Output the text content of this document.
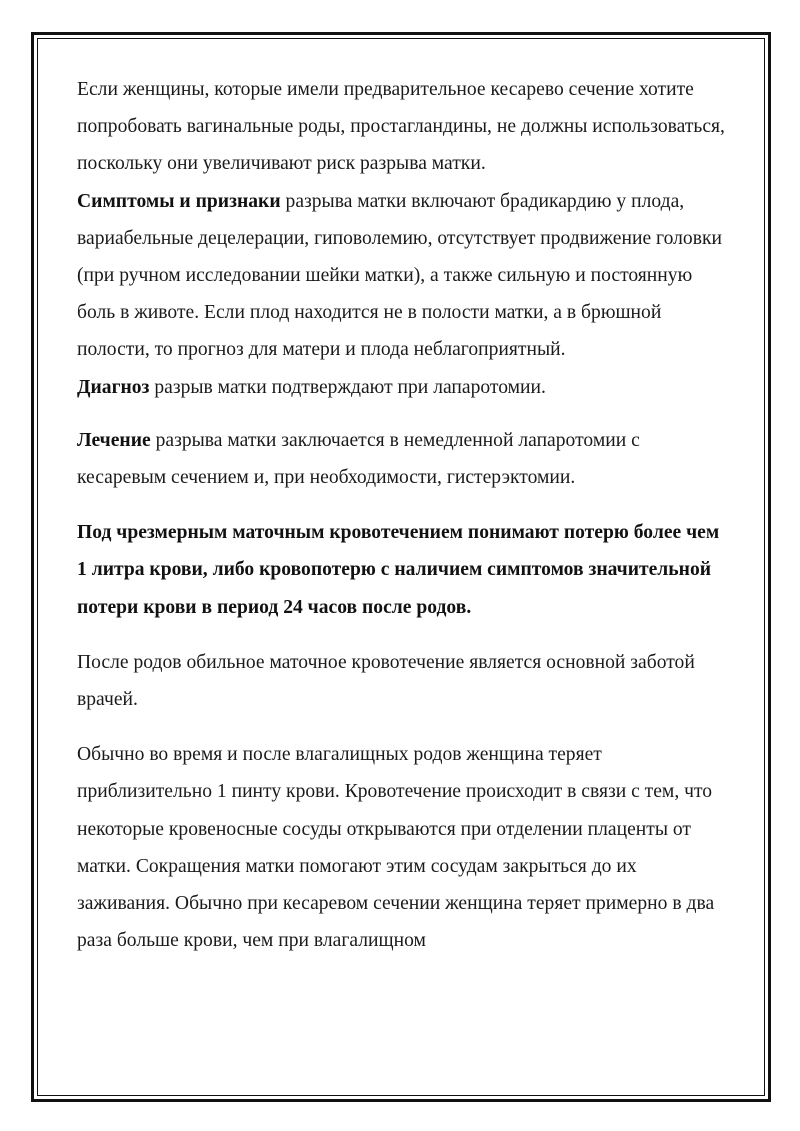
Если женщины, которые имели предварительное кесарево сечение хотите попробовать вагинальные роды, простагландины, не должны использоваться, поскольку они увеличивают риск разрыва матки.

Симптомы и признаки разрыва матки включают брадикардию у плода, вариабельные децелерации, гиповолемию, отсутствует продвижение головки (при ручном исследовании шейки матки), а также сильную и постоянную боль в животе. Если плод находится не в полости матки, а в брюшной полости, то прогноз для матери и плода неблагоприятный.

Диагноз разрыв матки подтверждают при лапаротомии.

Лечение разрыва матки заключается в немедленной лапаротомии с кесаревым сечением и, при необходимости, гистерэктомии.

Под чрезмерным маточным кровотечением понимают потерю более чем 1 литра крови, либо кровопотерю с наличием симптомов значительной потери крови в период 24 часов после родов.

После родов обильное маточное кровотечение является основной заботой врачей.

Обычно во время и после влагалищных родов женщина теряет приблизительно 1 пинту крови. Кровотечение происходит в связи с тем, что некоторые кровеносные сосуды открываются при отделении плаценты от матки. Сокращения матки помогают этим сосудам закрыться до их заживания. Обычно при кесаревом сечении женщина теряет примерно в два раза больше крови, чем при влагалищном
